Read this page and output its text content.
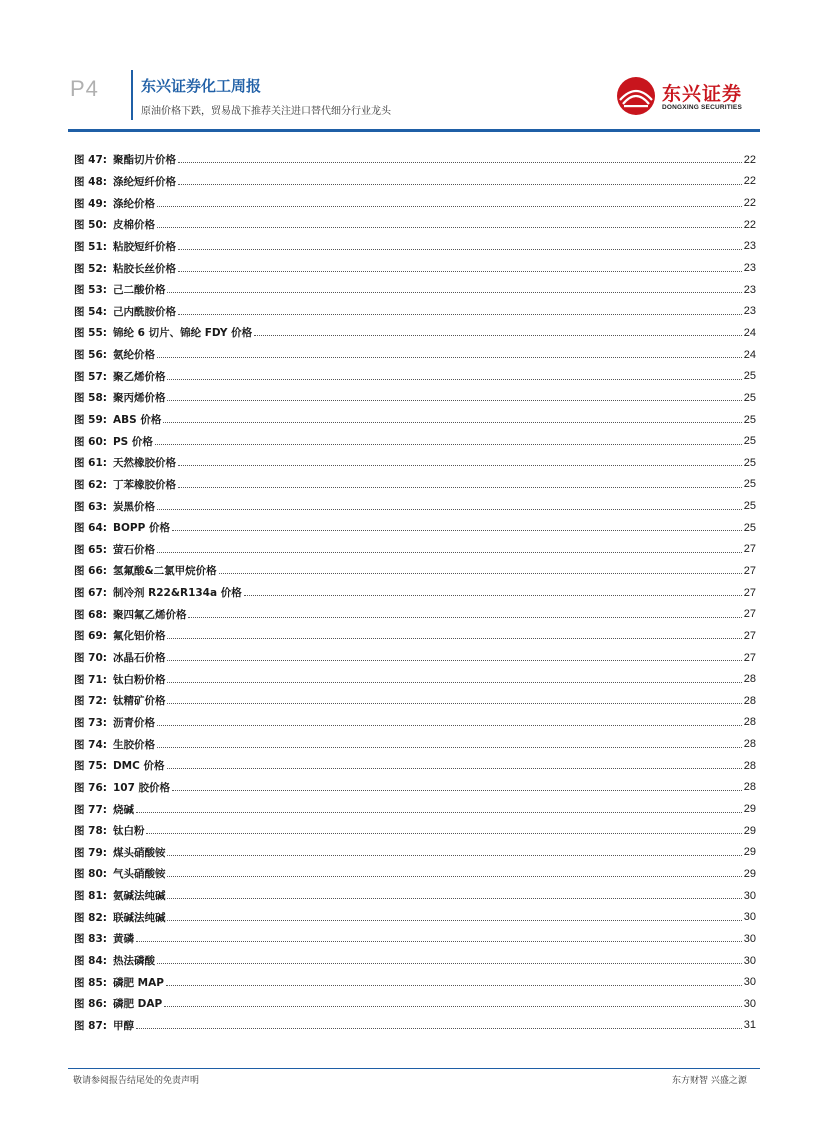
P4	东兴证券化工周报
原油价格下跌，贸易战下推荐关注进口替代细分行业龙头
东兴证券
DONGXING SECURITIES
图 47: 聚酯切片价格	22
图 48: 涤纶短纤价格	22
图 49: 涤纶价格	22
图 50: 皮棉价格	22
图 51: 粘胶短纤价格	23
图 52: 粘胶长丝价格	23
图 53: 己二酸价格	23
图 54: 己内酰胺价格	23
图 55: 锦纶 6 切片、锦纶 FDY 价格	24
图 56: 氨纶价格	24
图 57: 聚乙烯价格	25
图 58: 聚丙烯价格	25
图 59: ABS 价格	25
图 60: PS 价格	25
图 61: 天然橡胶价格	25
图 62: 丁苯橡胶价格	25
图 63: 炭黑价格	25
图 64: BOPP 价格	25
图 65: 萤石价格	27
图 66: 氢氟酸&二氯甲烷价格	27
图 67: 制冷剂 R22&R134a 价格	27
图 68: 聚四氟乙烯价格	27
图 69: 氟化铝价格	27
图 70: 冰晶石价格	27
图 71: 钛白粉价格	28
图 72: 钛精矿价格	28
图 73: 沥青价格	28
图 74: 生胶价格	28
图 75: DMC 价格	28
图 76: 107 胶价格	28
图 77: 烧碱	29
图 78: 钛白粉	29
图 79: 煤头硝酸铵	29
图 80: 气头硝酸铵	29
图 81: 氨碱法纯碱	30
图 82: 联碱法纯碱	30
图 83: 黄磷	30
图 84: 热法磷酸	30
图 85: 磷肥 MAP	30
图 86: 磷肥 DAP	30
图 87: 甲醇	31
敬请参阅报告结尾处的免责声明	东方财智 兴盛之源
